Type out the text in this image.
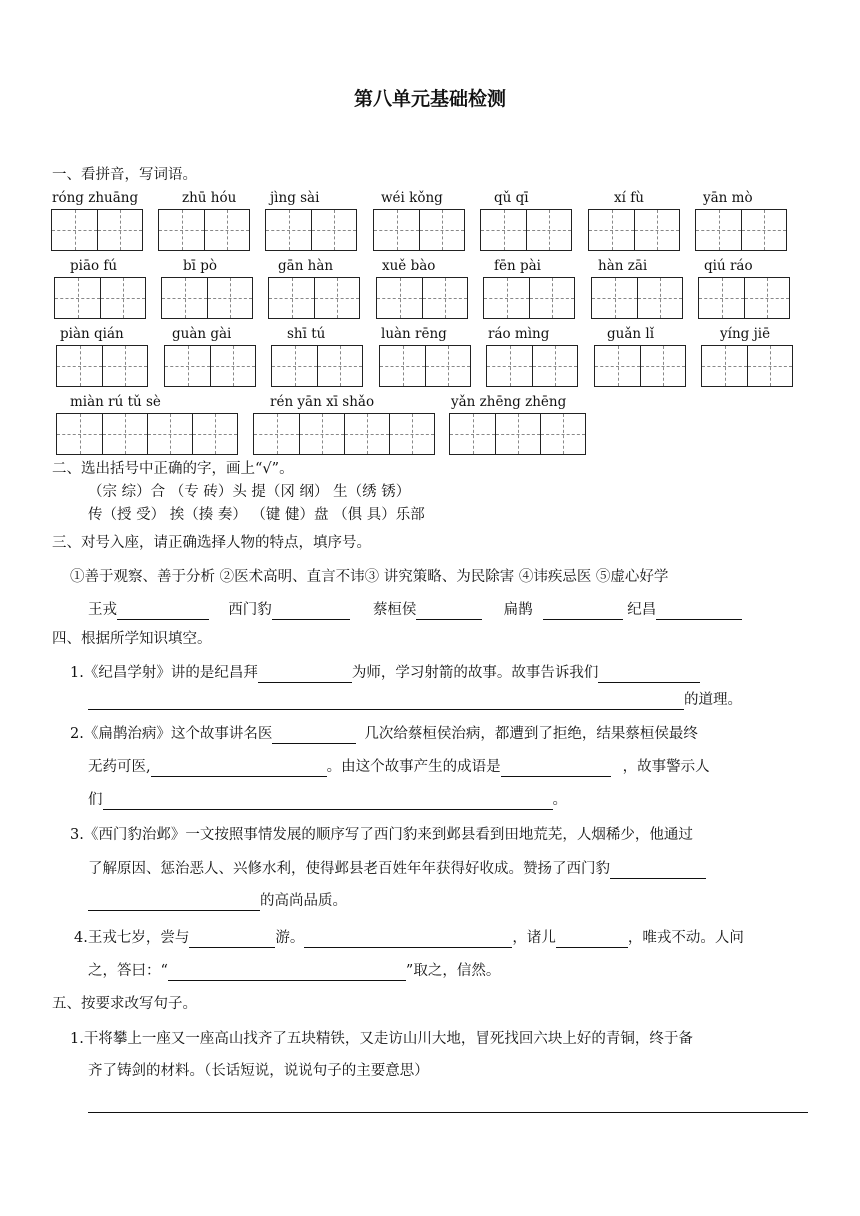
第八单元基础检测
一、看拼音，写词语。
róng zhuāng	zhū hóu jìng sài	wéi kǒng	qǔ qī	xí fù	yān mò
piāo fú	bī pò	gān hàn	xuě bào	fēn pài	hàn zāi	qiú ráo
piàn qián	guàn gài	shī tú	luàn rēng	ráo mìng	guǎn lǐ	yíng jiē
miàn rú tǔ sè	rén yān xī shǎo	yǎn zhēng zhēng
二、选出括号中正确的字，画上“√”。
（宗 综）合 （专 砖）头 提（冈 纲） 生（绣 锈）
传（授 受） 挨（揍 奏） （键 健）盘 （俱 具）乐部
三、对号入座，请正确选择人物的特点，填序号。
①善于观察、善于分析 ②医术高明、直言不讳③ 讲究策略、为民除害 ④讳疾忌医 ⑤虚心好学
王戎	西门豹	蔡桓侯	扁鹊	纪昌
四、根据所学知识填空。
1.《纪昌学射》讲的是纪昌拜	为师，学习射箭的故事。故事告诉我们
的道理。
2.《扁鹊治病》这个故事讲名医	几次给蔡桓侯治病，都遭到了拒绝，结果蔡桓侯最终
无药可医,	。由这个故事产生的成语是	，故事警示人
们	。
3.《西门豹治邺》一文按照事情发展的顺序写了西门豹来到邺县看到田地荒芜，人烟稀少，他通过
了解原因、惩治恶人、兴修水利，使得邺县老百姓年年获得好收成。赞扬了西门豹
的高尚品质。
4.王戎七岁，尝与	游。	，诸儿	，唯戎不动。人问
之，答曰：“	”取之，信然。
五、按要求改写句子。
1.干将攀上一座又一座高山找齐了五块精铁，又走访山川大地，冒死找回六块上好的青铜，终于备
齐了铸剑的材料。（长话短说，说说句子的主要意思）
